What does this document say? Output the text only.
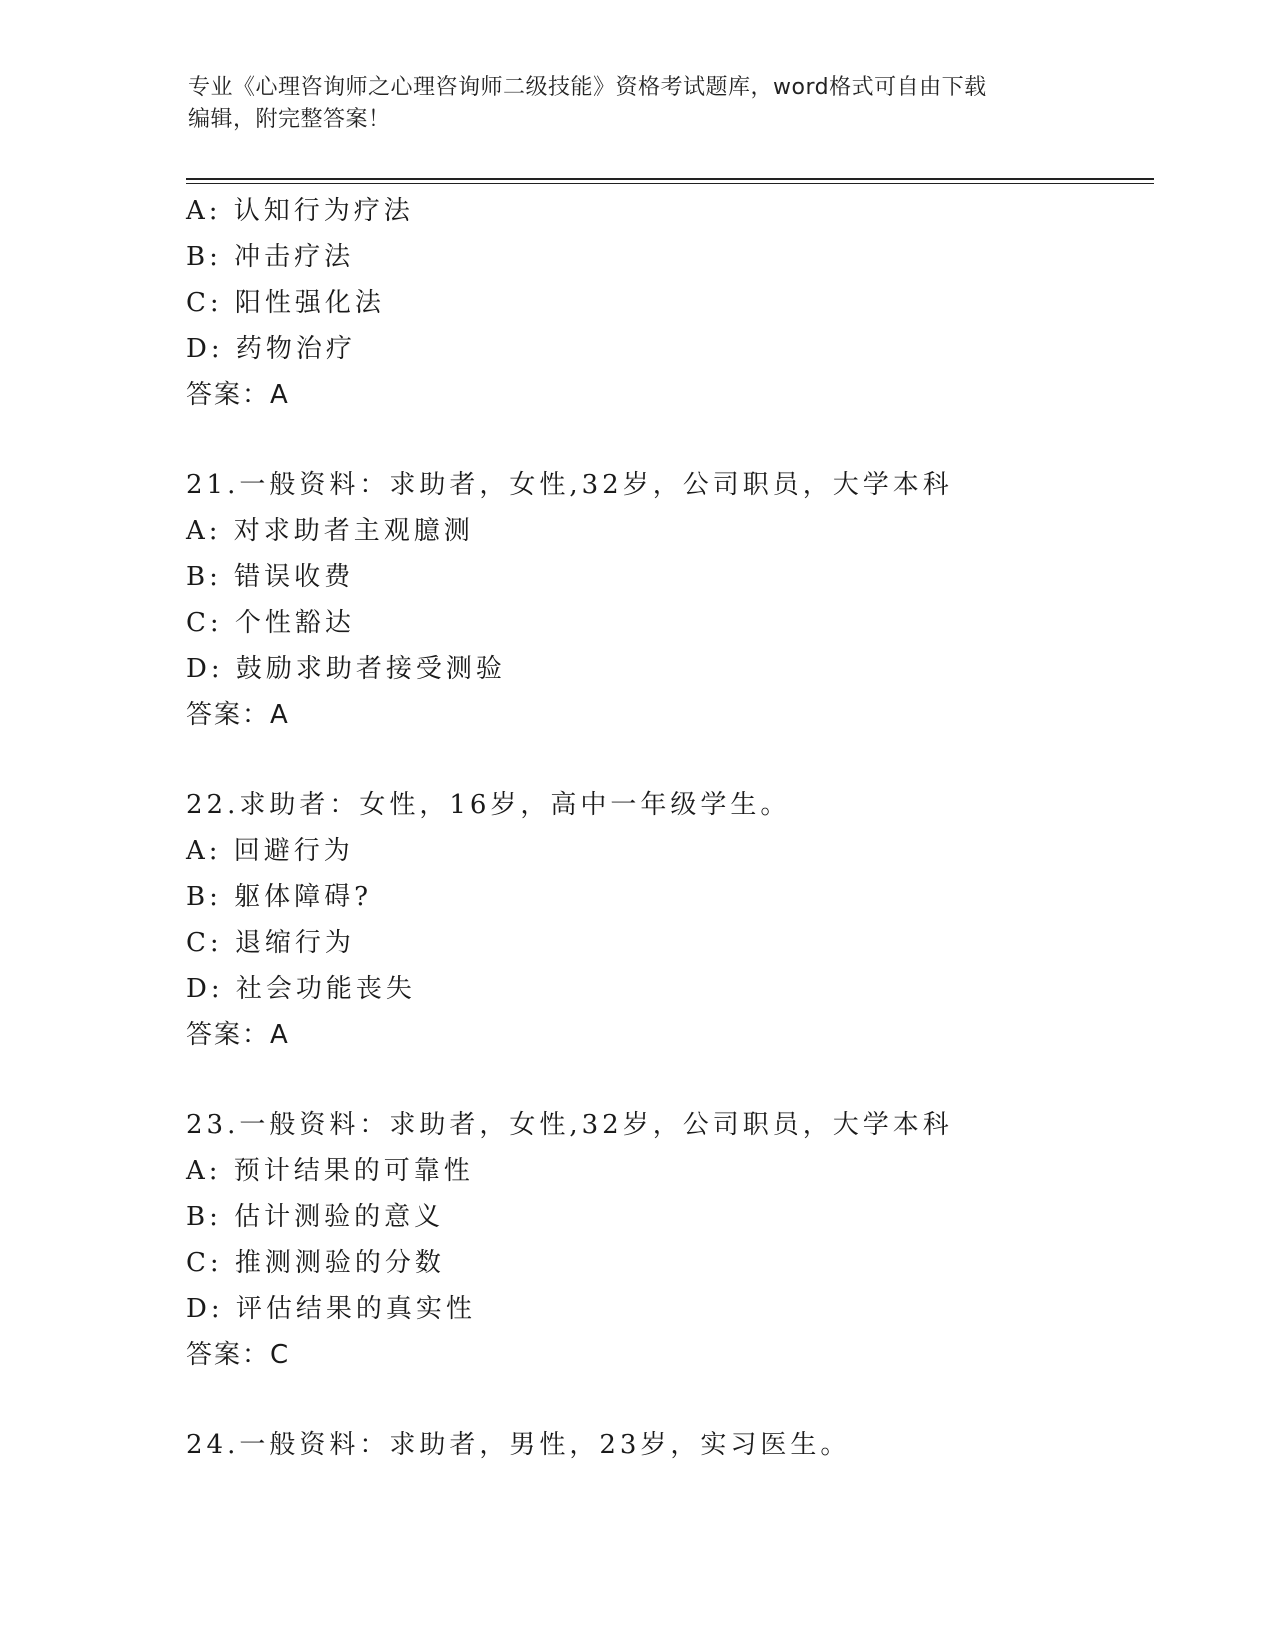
专业《心理咨询师之心理咨询师二级技能》资格考试题库，word格式可自由下载
编辑，附完整答案！
A: 认知行为疗法
B: 冲击疗法
C: 阳性强化法
D: 药物治疗
答案：A
21.一般资料：求助者，女性,32岁，公司职员，大学本科
A: 对求助者主观臆测
B: 错误收费
C: 个性豁达
D: 鼓励求助者接受测验
答案：A
22.求助者：女性，16岁，高中一年级学生。
A: 回避行为
B: 躯体障碍?
C: 退缩行为
D: 社会功能丧失
答案：A
23.一般资料：求助者，女性,32岁，公司职员，大学本科
A: 预计结果的可靠性
B: 估计测验的意义
C: 推测测验的分数
D: 评估结果的真实性
答案：C
24.一般资料：求助者，男性，23岁，实习医生。
